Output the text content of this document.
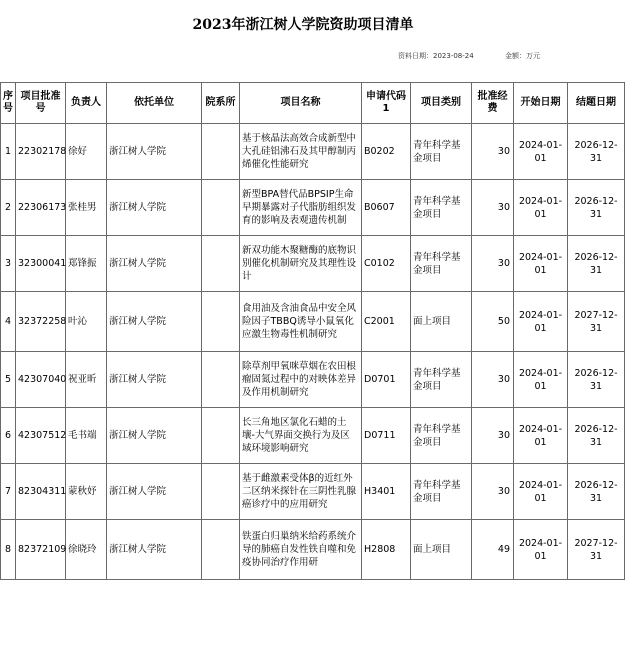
2023年浙江树人学院资助项目清单
资料日期：2023-08-24	金额：万元
序号	项目批准号	负责人	依托单位	院系所	项目名称	申请代码1	项目类别	批准经费	开始日期	结题日期
1	22302178	徐好	浙江树人学院		基于核晶法高效合成新型中大孔硅铝沸石及其甲醇制丙烯催化性能研究	B0202	青年科学基金项目	30	2024-01-01	2026-12-31
2	22306173	张桂男	浙江树人学院		新型BPA替代品BPSIP生命早期暴露对子代脂肪组织发育的影响及表观遗传机制	B0607	青年科学基金项目	30	2024-01-01	2026-12-31
3	32300041	郑锋振	浙江树人学院		新双功能木聚糖酶的底物识别催化机制研究及其理性设计	C0102	青年科学基金项目	30	2024-01-01	2026-12-31
4	32372258	叶沁	浙江树人学院		食用油及含油食品中安全风险因子TBBQ诱导小鼠氧化应激生物毒性机制研究	C2001	面上项目	50	2024-01-01	2027-12-31
5	42307040	祝亚昕	浙江树人学院		除草剂甲氧咪草烟在农田根瘤固氮过程中的对映体差异及作用机制研究	D0701	青年科学基金项目	30	2024-01-01	2026-12-31
6	42307512	毛书端	浙江树人学院		长三角地区氯化石蜡的土壤-大气界面交换行为及区域环境影响研究	D0711	青年科学基金项目	30	2024-01-01	2026-12-31
7	82304311	蒙秋妤	浙江树人学院		基于雌激素受体β的近红外二区纳米探针在三阴性乳腺癌诊疗中的应用研究	H3401	青年科学基金项目	30	2024-01-01	2026-12-31
8	82372109	徐晓玲	浙江树人学院		铁蛋白归巢纳米给药系统介导的肺癌自发性铁自噬和免疫协同治疗作用研	H2808	面上项目	49	2024-01-01	2027-12-31
